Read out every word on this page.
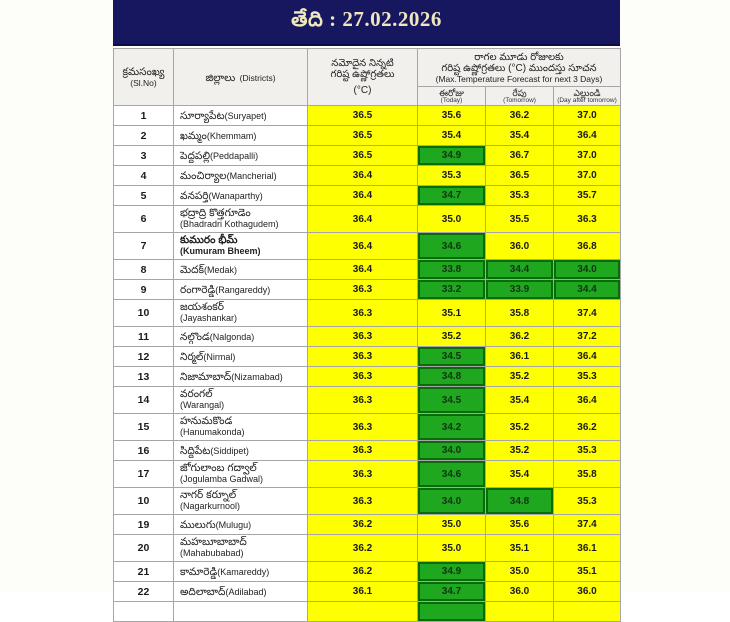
తేది : 27.02.2026
క్రమసంఖ్య
(Sl.No)	జిల్లాలు (Districts)	
నమోదైన నిన్నటి
గరిష్ట ఉష్ణోగ్రతలు
(°C)

రాగల మూడు రోజులకు
గరిష్ట ఉష్ణోగ్రతలు (°C) ముందస్తు సూచన
(Max.Temperature Forecast for next 3 Days)

ఈరోజు
(Today)

రేపు
(Tomorrow)

ఎల్లుండి
(Day after tomorrow)

1	సూర్యాపేట(Suryapet)	36.5	35.6	36.2	37.0
2	ఖమ్మం(Khemmam)	36.5	35.4	35.4	36.4
3	పెద్దపల్లి(Peddapalli)	36.5	34.9	36.7	37.0
4	మంచిర్యాల(Mancherial)	36.4	35.3	36.5	37.0
5	వనపర్తి(Wanaparthy)	36.4	34.7	35.3	35.7
6	భద్రాద్రి కొత్తగూడెం
(Bhadradri Kothagudem)	36.4	35.0	35.5	36.3
7	కుమురం భీమ్
(Kumuram Bheem)	36.4	34.6	36.0	36.8
8	మెదక్(Medak)	36.4	33.8	34.4	34.0
9	రంగారెడ్డి(Rangareddy)	36.3	33.2	33.9	34.4
10	జయశంకర్
(Jayashankar)	36.3	35.1	35.8	37.4
11	నల్గొండ(Nalgonda)	36.3	35.2	36.2	37.2
12	నిర్మల్(Nirmal)	36.3	34.5	36.1	36.4
13	నిజామాబాద్(Nizamabad)	36.3	34.8	35.2	35.3
14	వరంగల్
(Warangal)	36.3	34.5	35.4	36.4
15	హనుమకొండ
(Hanumakonda)	36.3	34.2	35.2	36.2
16	సిద్దిపేట(Siddipet)	36.3	34.0	35.2	35.3
17	జోగులాంబ గద్వాల్
(Jogulamba Gadwal)	36.3	34.6	35.4	35.8
10	నాగర్ కర్నూల్
(Nagarkurnool)	36.3	34.0	34.8	35.3
19	ములుగు(Mulugu)	36.2	35.0	35.6	37.4
20	మహబూబాబాద్
(Mahabubabad)	36.2	35.0	35.1	36.1
21	కామారెడ్డి(Kamareddy)	36.2	34.9	35.0	35.1
22	అదిలాబాద్(Adilabad)	36.1	34.7	36.0	36.0
